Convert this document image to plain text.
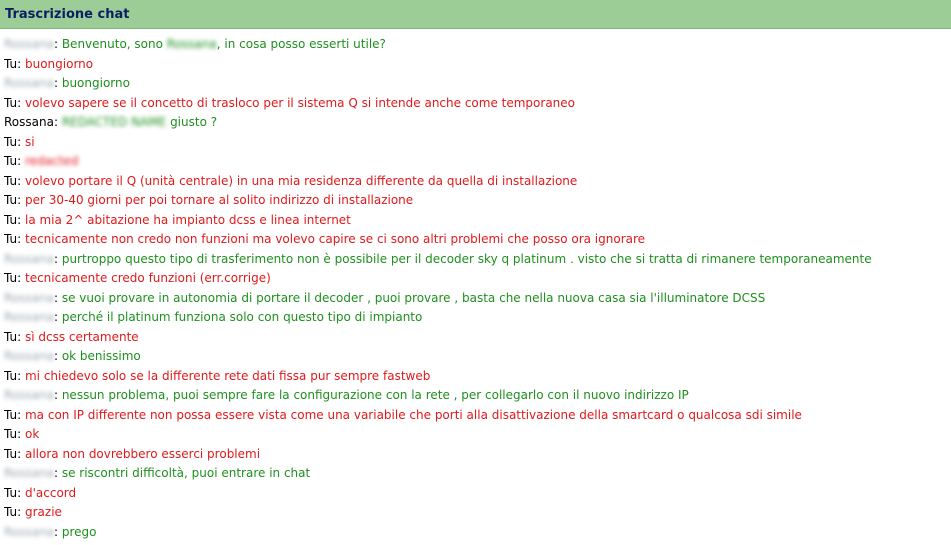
Trascrizione chat
Rossana: Benvenuto, sono Rossana, in cosa posso esserti utile?
Tu: buongiorno
Rossana: buongiorno
Tu: volevo sapere se il concetto di trasloco per il sistema Q si intende anche come temporaneo
Rossana: REDACTED NAME giusto ?
Tu: si
Tu: redacted
Tu: volevo portare il Q (unità centrale) in una mia residenza differente da quella di installazione
Tu: per 30-40 giorni per poi tornare al solito indirizzo di installazione
Tu: la mia 2^ abitazione ha impianto dcss e linea internet
Tu: tecnicamente non credo non funzioni ma volevo capire se ci sono altri problemi che posso ora ignorare
Rossana: purtroppo questo tipo di trasferimento non è possibile per il decoder sky q platinum . visto che si tratta di rimanere temporaneamente
Tu: tecnicamente credo funzioni (err.corrige)
Rossana: se vuoi provare in autonomia di portare il decoder , puoi provare , basta che nella nuova casa sia l'illuminatore DCSS
Rossana: perché il platinum funziona solo con questo tipo di impianto
Tu: sì dcss certamente
Rossana: ok benissimo
Tu: mi chiedevo solo se la differente rete dati fissa pur sempre fastweb
Rossana: nessun problema, puoi sempre fare la configurazione con la rete , per collegarlo con il nuovo indirizzo IP
Tu: ma con IP differente non possa essere vista come una variabile che porti alla disattivazione della smartcard o qualcosa sdi simile
Tu: ok
Tu: allora non dovrebbero esserci problemi
Rossana: se riscontri difficoltà, puoi entrare in chat
Tu: d'accord
Tu: grazie
Rossana: prego
